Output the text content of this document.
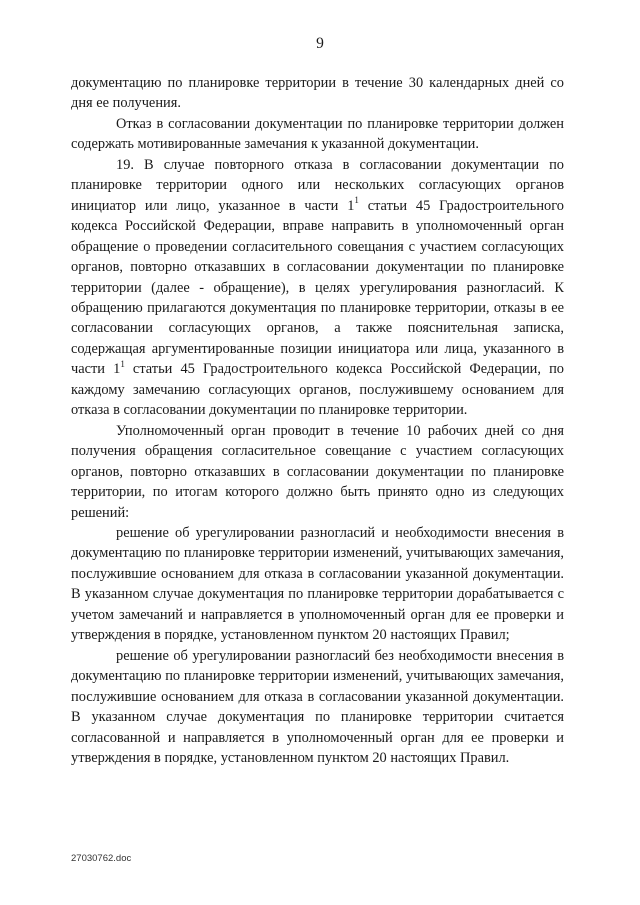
9

документацию по планировке территории в течение 30 календарных дней со дня ее получения.

Отказ в согласовании документации по планировке территории должен содержать мотивированные замечания к указанной документации.

19. В случае повторного отказа в согласовании документации по планировке территории одного или нескольких согласующих органов инициатор или лицо, указанное в части $1^1$ статьи 45 Градостроительного кодекса Российской Федерации, вправе направить в уполномоченный орган обращение о проведении согласительного совещания с участием согласующих органов, повторно отказавших в согласовании документации по планировке территории (далее - обращение), в целях урегулирования разногласий. К обращению прилагаются документация по планировке территории, отказы в ее согласовании согласующих органов, а также пояснительная записка, содержащая аргументированные позиции инициатора или лица, указанного в части $1^1$ статьи 45 Градостроительного кодекса Российской Федерации, по каждому замечанию согласующих органов, послужившему основанием для отказа в согласовании документации по планировке территории.

Уполномоченный орган проводит в течение 10 рабочих дней со дня получения обращения согласительное совещание с участием согласующих органов, повторно отказавших в согласовании документации по планировке территории, по итогам которого должно быть принято одно из следующих решений:

решение об урегулировании разногласий и необходимости внесения в документацию по планировке территории изменений, учитывающих замечания, послужившие основанием для отказа в согласовании указанной документации. В указанном случае документация по планировке территории дорабатывается с учетом замечаний и направляется в уполномоченный орган для ее проверки и утверждения в порядке, установленном пунктом 20 настоящих Правил;

решение об урегулировании разногласий без необходимости внесения в документацию по планировке территории изменений, учитывающих замечания, послужившие основанием для отказа в согласовании указанной документации. В указанном случае документация по планировке территории считается согласованной и направляется в уполномоченный орган для ее проверки и утверждения в порядке, установленном пунктом 20 настоящих Правил.

27030762.doc
